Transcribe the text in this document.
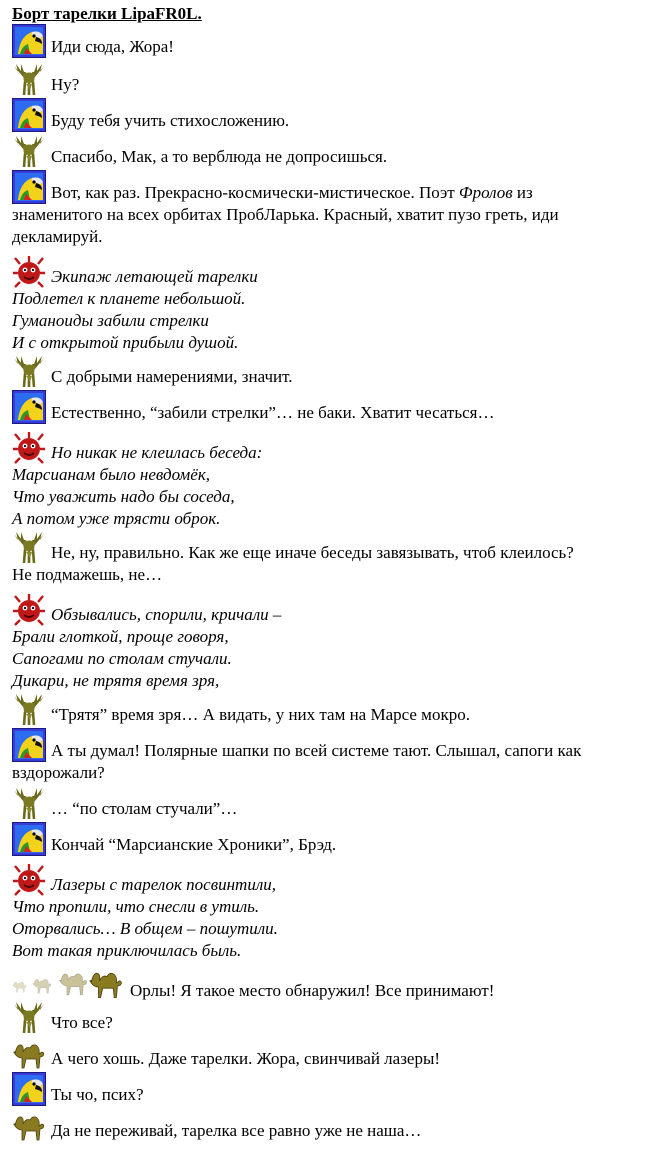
Борт тарелки LipaFR0L.
Иди сюда, Жора!
Ну?
Буду тебя учить стихосложению.
Спасибо, Мак, а то верблюда не допросишься.
Вот, как раз. Прекрасно-космически-мистическое. Поэт Фролов из
знаменитого на всех орбитах ПробЛарька. Красный, хватит пузо греть, иди
декламируй.
Экипаж летающей тарелки
Подлетел к планете небольшой.
Гуманоиды забили стрелки
И с открытой прибыли душой.
С добрыми намерениями, значит.
Естественно, “забили стрелки”… не баки. Хватит чесаться…
Но никак не клеилась беседа:
Марсианам было невдомёк,
Что уважить надо бы соседа,
А потом уже трясти оброк.
Не, ну, правильно. Как же еще иначе беседы завязывать, чтоб клеилось?
Не подмажешь, не…
Обзывались, спорили, кричали –
Брали глоткой, проще говоря,
Сапогами по столам стучали.
Дикари, не трятя время зря,
“Трятя” время зря… А видать, у них там на Марсе мокро.
А ты думал! Полярные шапки по всей системе тают. Слышал, сапоги как
вздорожали?
… “по столам стучали”…
Кончай “Марсианские Хроники”, Брэд.
Лазеры с тарелок посвинтили,
Что пропили, что снесли в утиль.
Оторвались… В общем – пошутили.
Вот такая приключилась быль.
Орлы! Я такое место обнаружил! Все принимают!
Что все?
А чего хошь. Даже тарелки. Жора, свинчивай лазеры!
Ты чо, псих?
Да не переживай, тарелка все равно уже не наша…
